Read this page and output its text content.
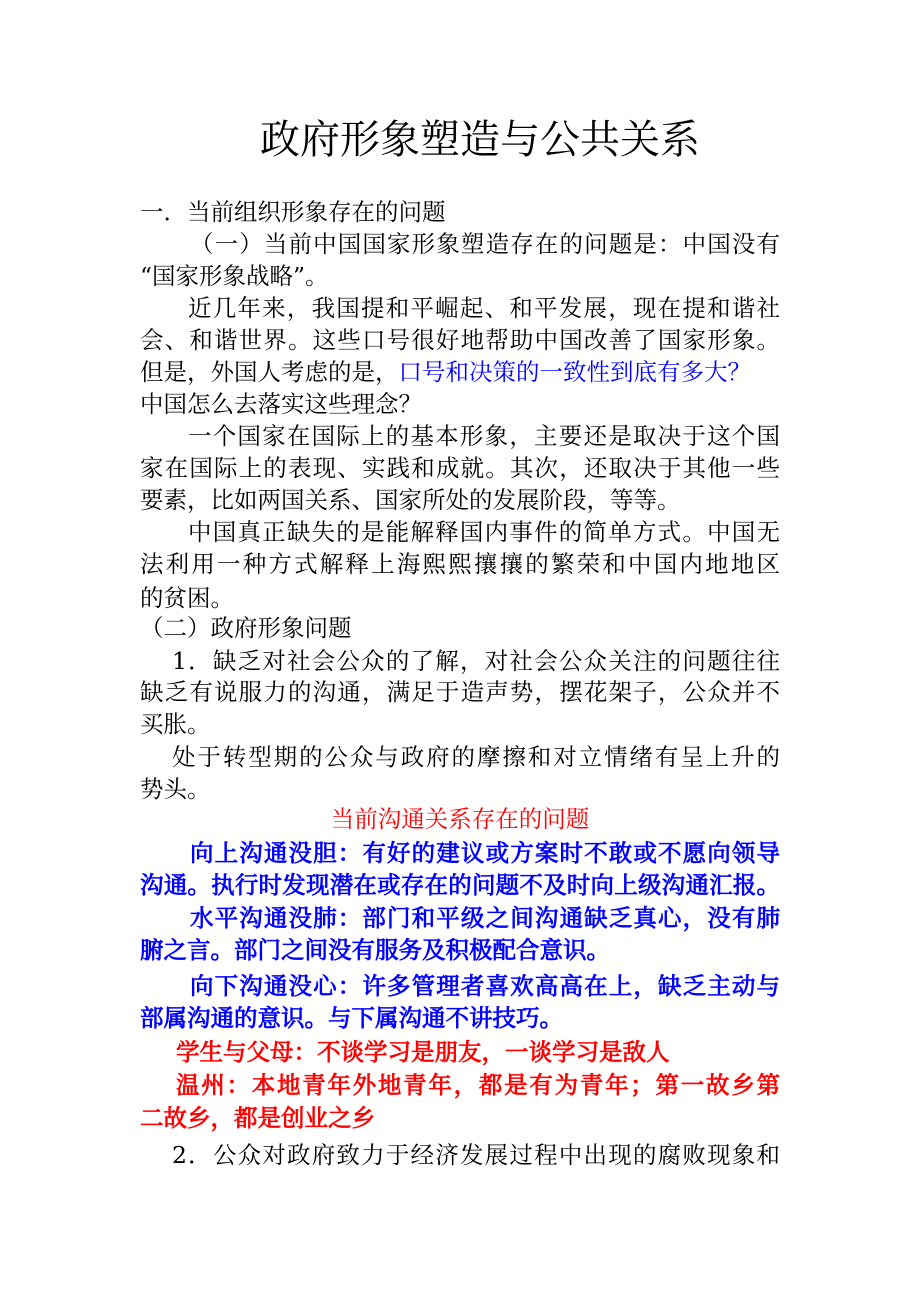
政府形象塑造与公共关系
一．当前组织形象存在的问题
（一）当前中国国家形象塑造存在的问题是：中国没有
“国家形象战略”。
近几年来，我国提和平崛起、和平发展，现在提和谐社
会、和谐世界。这些口号很好地帮助中国改善了国家形象。
但是，外国人考虑的是，口号和决策的一致性到底有多大？
中国怎么去落实这些理念？
一个国家在国际上的基本形象，主要还是取决于这个国
家在国际上的表现、实践和成就。其次，还取决于其他一些
要素，比如两国关系、国家所处的发展阶段，等等。
中国真正缺失的是能解释国内事件的简单方式。中国无
法利用一种方式解释上海熙熙攘攘的繁荣和中国内地地区
的贫困。
（二）政府形象问题
1．缺乏对社会公众的了解，对社会公众关注的问题往往
缺乏有说服力的沟通，满足于造声势，摆花架子，公众并不
买胀。
处于转型期的公众与政府的摩擦和对立情绪有呈上升的
势头。
当前沟通关系存在的问题
向上沟通没胆：有好的建议或方案时不敢或不愿向领导
沟通。执行时发现潜在或存在的问题不及时向上级沟通汇报。
水平沟通没肺：部门和平级之间沟通缺乏真心，没有肺
腑之言。部门之间没有服务及积极配合意识。
向下沟通没心：许多管理者喜欢高高在上，缺乏主动与
部属沟通的意识。与下属沟通不讲技巧。
学生与父母：不谈学习是朋友，一谈学习是敌人
温州：本地青年外地青年，都是有为青年；第一故乡第
二故乡，都是创业之乡
2．公众对政府致力于经济发展过程中出现的腐败现象和
